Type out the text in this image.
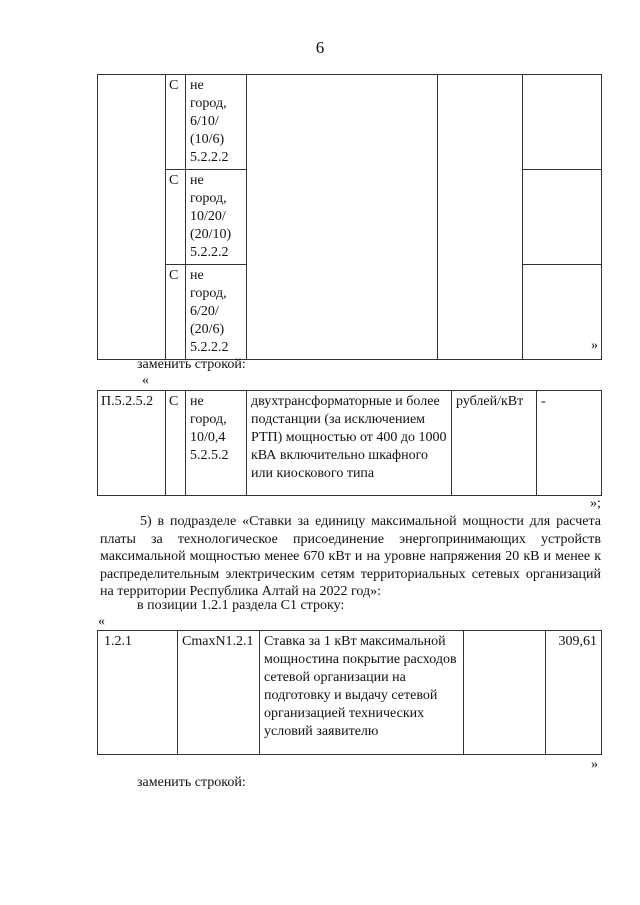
6
	С	не
город,
6/10/
(10/6)
5.2.2.2			
	С	не
город,
10/20/
(20/10)
5.2.2.2			
	С	не
город,
6/20/
(20/6)
5.2.2.2				»
заменить строкой:
«
П.5.2.5.2	С	не
город,
10/0,4
5.2.5.2	двухтрансформаторные и более подстанции (за исключением РТП) мощностью от 400 до 1000 кВА включительно шкафного или киоскового типа	рублей/кВт	-
»;
5) в подразделе «Ставки за единицу максимальной мощности для расчета платы за технологическое присоединение энергопринимающих устройств максимальной мощностью менее 670 кВт и на уровне напряжения 20 кВ и менее к распределительным электрическим сетям территориальных сетевых организаций на территории Республика Алтай на 2022 год»:
в позиции 1.2.1 раздела С1 строку:
«
1.2.1	CmaxN1.2.1	Ставка за 1 кВт максимальной мощностина покрытие расходов сетевой организации на подготовку и выдачу сетевой организацией технических условий заявителю		309,61
»
заменить строкой:
